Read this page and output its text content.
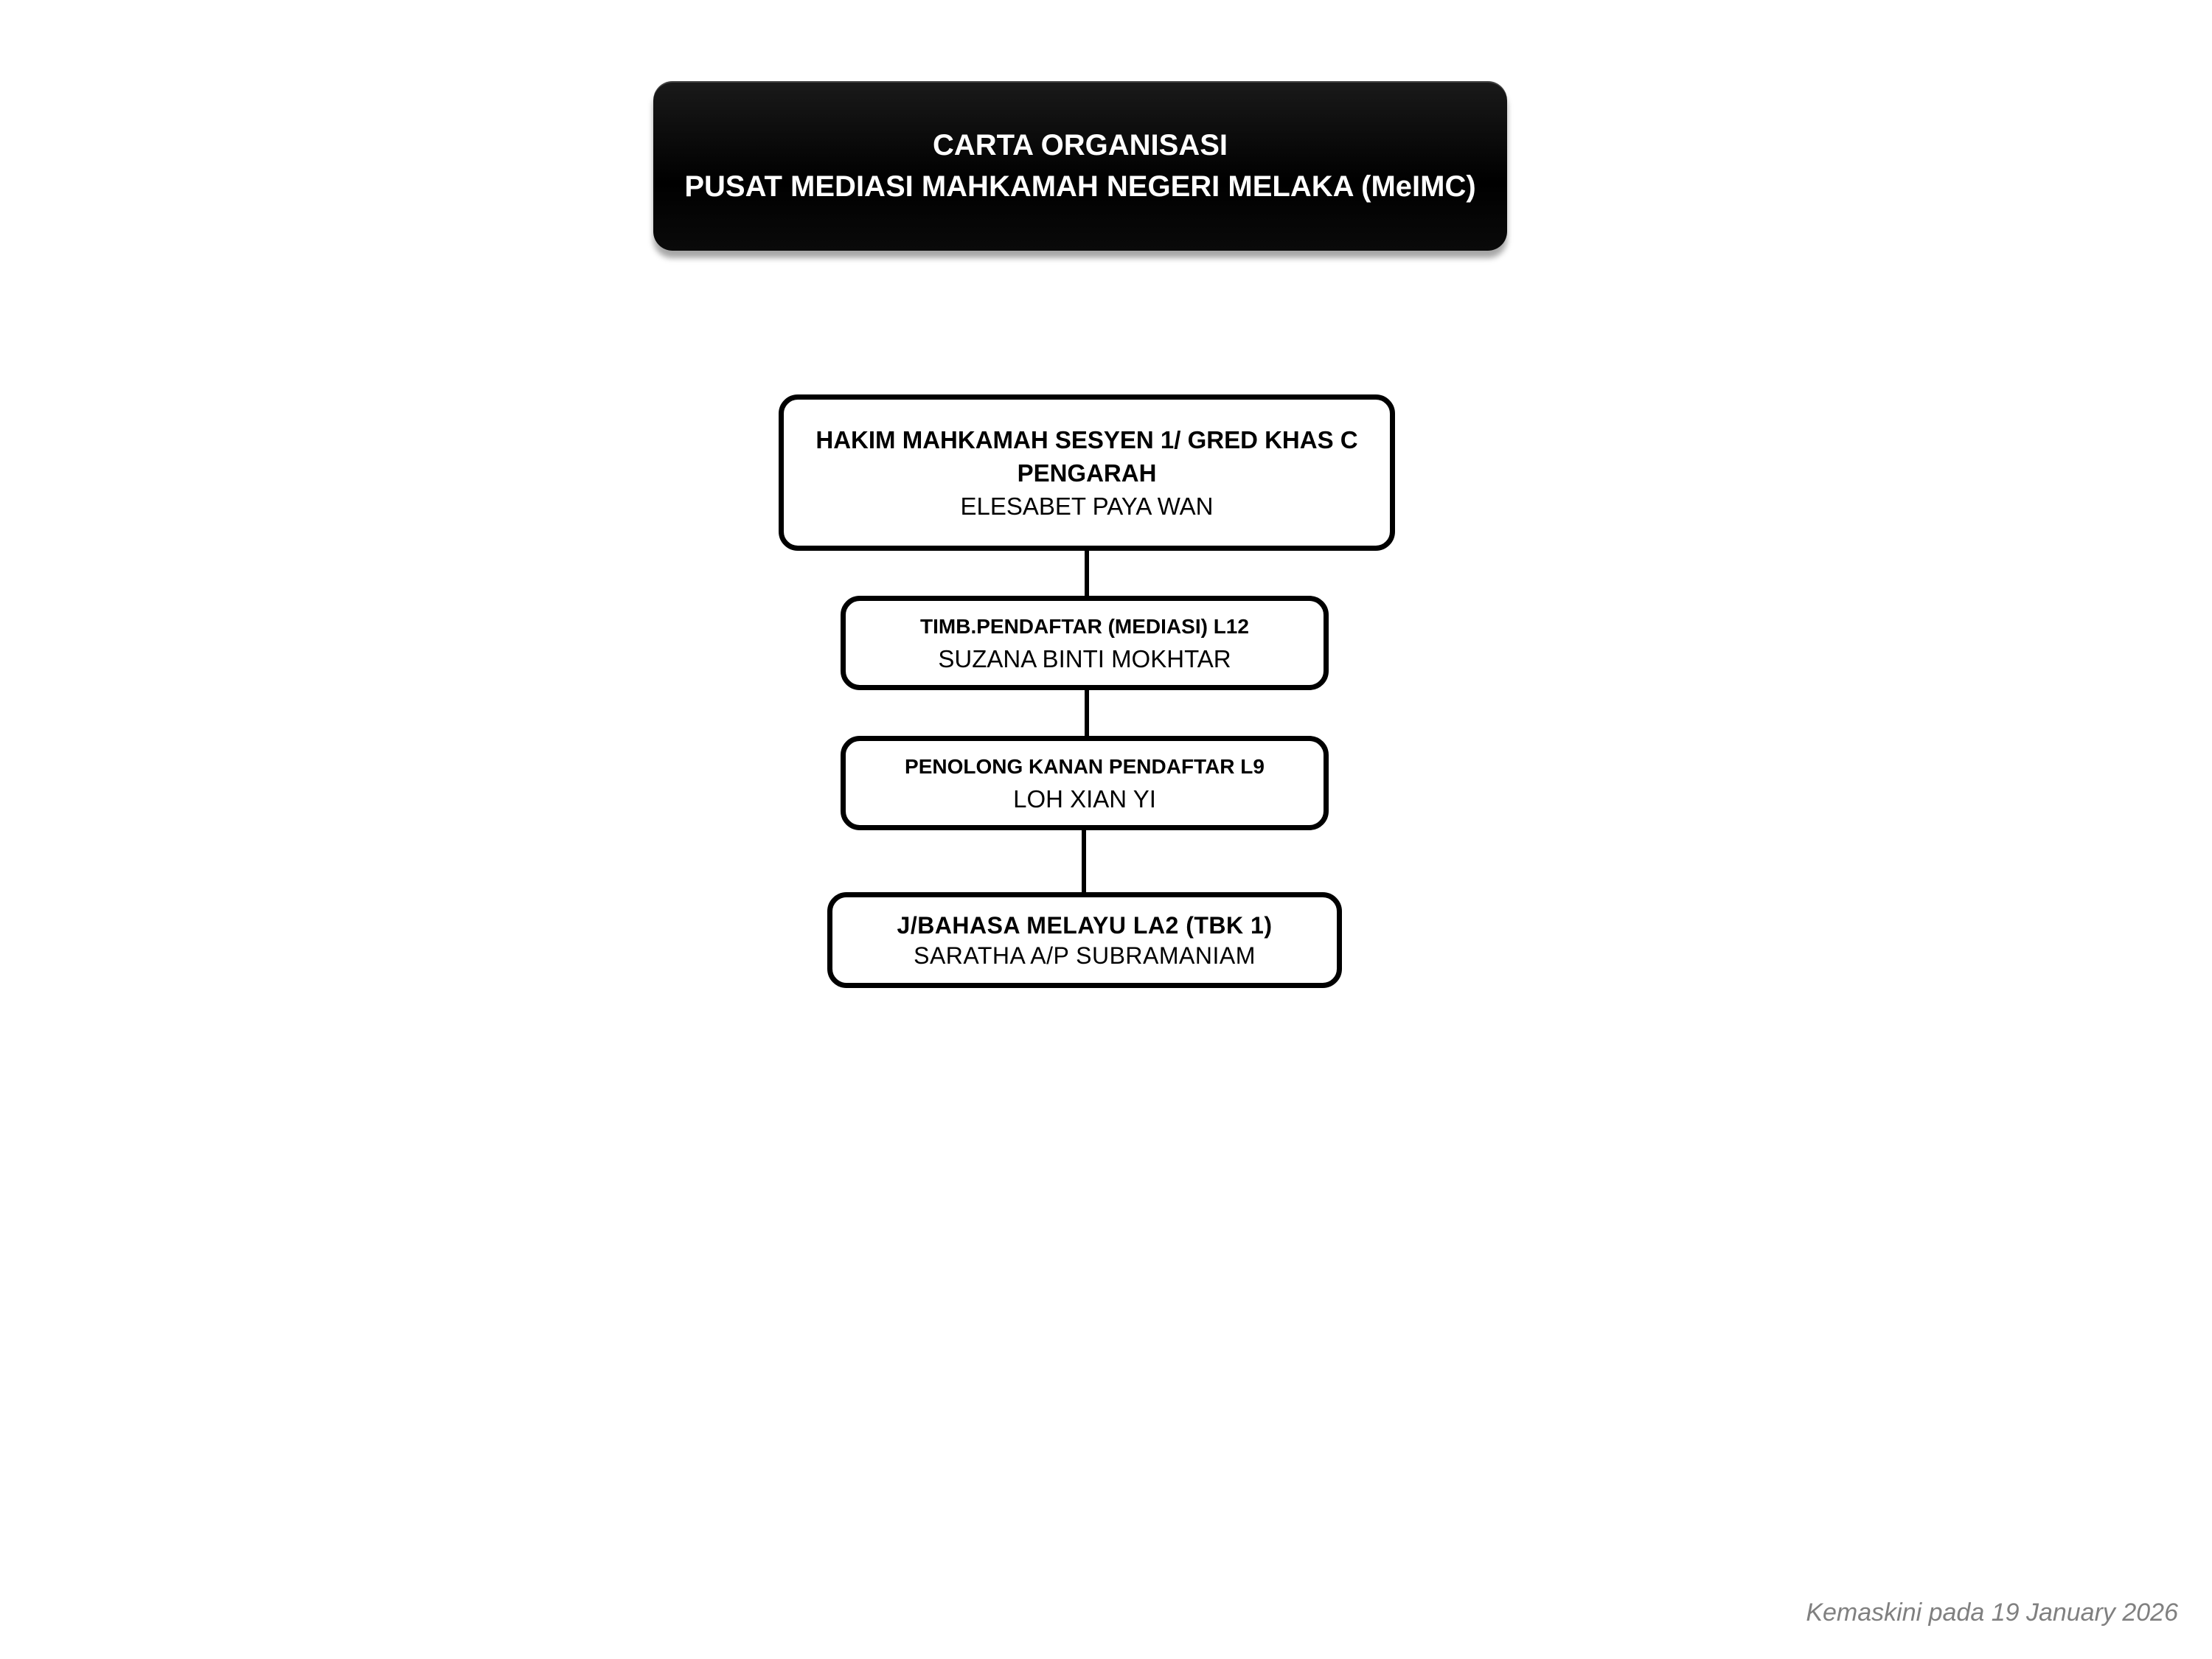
CARTA ORGANISASI
PUSAT MEDIASI MAHKAMAH NEGERI MELAKA (MeIMC)
HAKIM MAHKAMAH SESYEN 1/ GRED KHAS C
PENGARAH
ELESABET PAYA WAN
TIMB.PENDAFTAR (MEDIASI) L12
SUZANA BINTI MOKHTAR
PENOLONG KANAN PENDAFTAR L9
LOH XIAN YI
J/BAHASA MELAYU LA2 (TBK 1)
SARATHA A/P SUBRAMANIAM
Kemaskini pada 19 January 2026
